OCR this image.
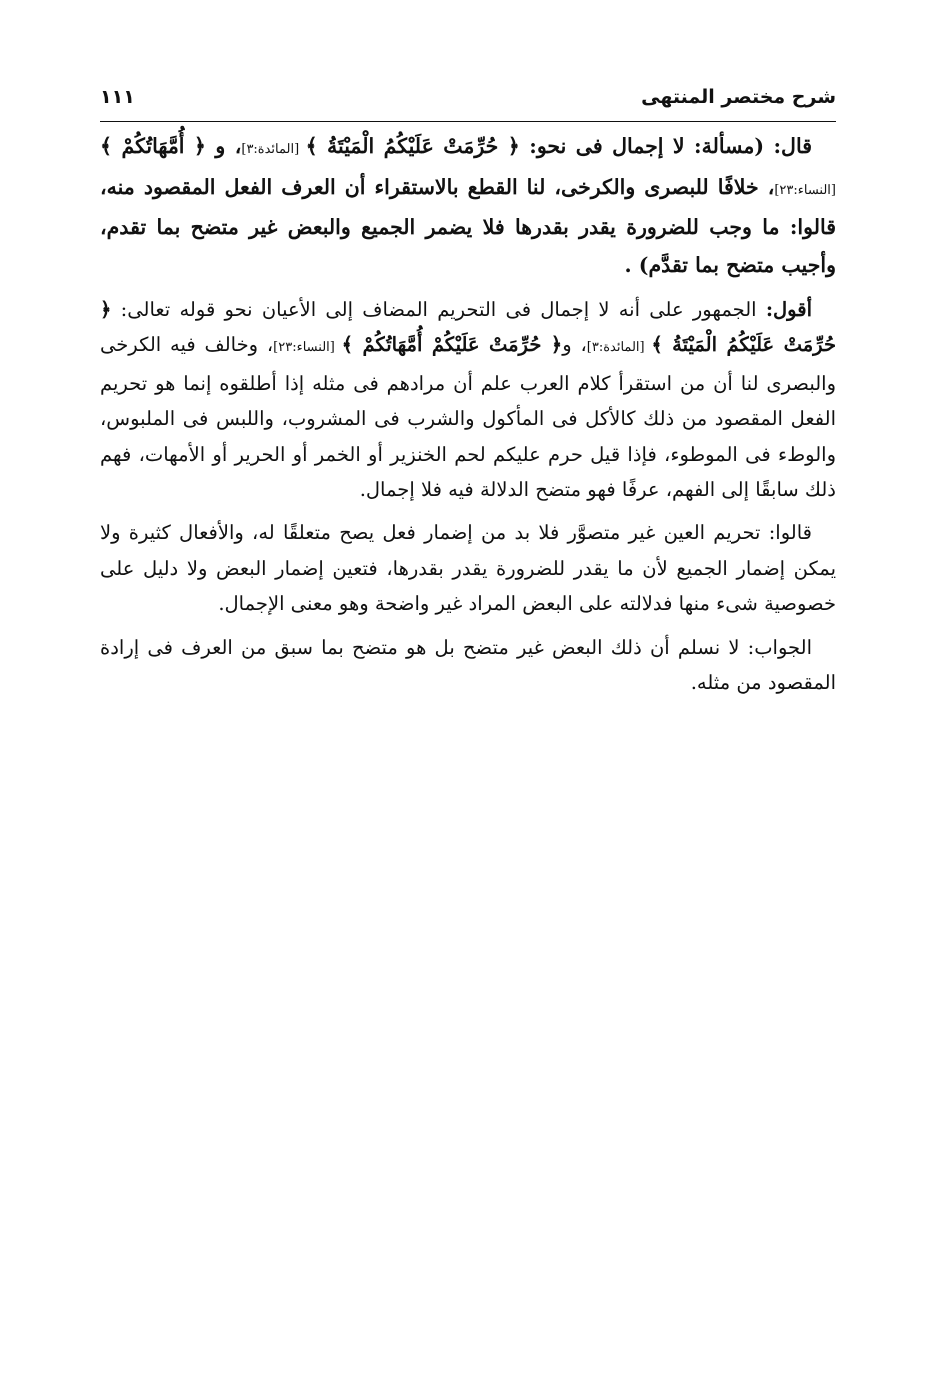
شرح مختصر المنتهى
١١١

قال: (مسألة: لا إجمال فى نحو: ﴿ حُرِّمَتْ عَلَيْكُمُ الْمَيْتَةُ ﴾ [المائدة:٣]، و ﴿ أُمَّهَاتُكُمْ ﴾ [النساء:٢٣]، خلافًا للبصرى والكرخى، لنا القطع بالاستقراء أن العرف الفعل المقصود منه، قالوا: ما وجب للضرورة يقدر بقدرها فلا يضمر الجميع والبعض غير متضح بما تقدم، وأجيب متضح بما تقدَّم) .

أقول: الجمهور على أنه لا إجمال فى التحريم المضاف إلى الأعيان نحو قوله تعالى: ﴿ حُرِّمَتْ عَلَيْكُمُ الْمَيْتَةُ ﴾ [المائدة:٣]، و﴿ حُرِّمَتْ عَلَيْكُمْ أُمَّهَاتُكُمْ ﴾ [النساء:٢٣]، وخالف فيه الكرخى والبصرى لنا أن من استقرأ كلام العرب علم أن مرادهم فى مثله إذا أطلقوه إنما هو تحريم الفعل المقصود من ذلك كالأكل فى المأكول والشرب فى المشروب، واللبس فى الملبوس، والوطء فى الموطوء، فإذا قيل حرم عليكم لحم الخنزير أو الخمر أو الحرير أو الأمهات، فهم ذلك سابقًا إلى الفهم، عرفًا فهو متضح الدلالة فيه فلا إجمال.

قالوا: تحريم العين غير متصوَّر فلا بد من إضمار فعل يصح متعلقًا له، والأفعال كثيرة ولا يمكن إضمار الجميع لأن ما يقدر للضرورة يقدر بقدرها، فتعين إضمار البعض ولا دليل على خصوصية شىء منها فدلالته على البعض المراد غير واضحة وهو معنى الإجمال.

الجواب: لا نسلم أن ذلك البعض غير متضح بل هو متضح بما سبق من العرف فى إرادة المقصود من مثله.
